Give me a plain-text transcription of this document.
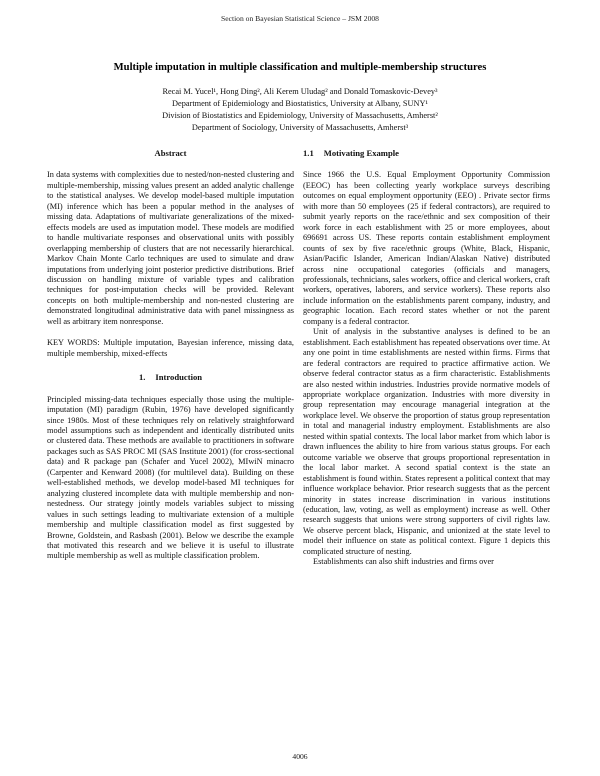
Section on Bayesian Statistical Science – JSM 2008
Multiple imputation in multiple classification and multiple-membership structures
Recai M. Yucel¹, Hong Ding², Ali Kerem Uludag² and Donald Tomaskovic-Devey³
Department of Epidemiology and Biostatistics, University at Albany, SUNY¹
Division of Biostatistics and Epidemiology, University of Massachusetts, Amherst²
Department of Sociology, University of Massachusetts, Amherst³
Abstract

In data systems with complexities due to nested/non-nested clustering and multiple-membership, missing values present an added analytic challenge to the statistical analyses. We develop model-based multiple imputation (MI) inference which has been a popular method in the analyses of missing data. Adaptations of multivariate generalizations of the mixed-effects models are used as imputation model. These models are modified to handle multivariate responses and observational units with possibly overlapping membership of clusters that are not necessarily hierarchical. Markov Chain Monte Carlo techniques are used to simulate and draw imputations from underlying joint posterior predictive distributions. Brief discussion on handling mixture of variable types and calibration techniques for post-imputation checks will be provided. Relevant concepts on both multiple-membership and non-nested clustering are demonstrated longitudinal administrative data with panel missingness as well as arbitrary item nonresponse.

KEY WORDS: Multiple imputation, Bayesian inference, missing data, multiple membership, mixed-effects

1. Introduction

Principled missing-data techniques especially those using the multiple-imputation (MI) paradigm (Rubin, 1976) have developed significantly since 1980s. Most of these techniques rely on relatively straightforward model assumptions such as independent and identically distributed units or clustered data. These methods are available to practitioners in software packages such as SAS PROC MI (SAS Institute 2001) (for cross-sectional data) and R package pan (Schafer and Yucel 2002), MIwiN minacro (Carpenter and Kenward 2008) (for multilevel data). Building on these well-established methods, we develop model-based MI techniques for analyzing clustered incomplete data with multiple membership and non-nestedness. Our strategy jointly models variables subject to missing values in such settings leading to multivariate extension of a multiple membership and multiple classification model as first suggested by Browne, Goldstein, and Rasbash (2001). Below we describe the example that motivated this research and we believe it is useful to illustrate multiple membership as well as multiple classification problem.

1.1 Motivating Example

Since 1966 the U.S. Equal Employment Opportunity Commission (EEOC) has been collecting yearly workplace surveys describing outcomes on equal employment opportunity (EEO) . Private sector firms with more than 50 employees (25 if federal contractors), are required to submit yearly reports on the race/ethnic and sex composition of their work force in each establishment with 25 or more employees, about 696691 across US. These reports contain establishment employment counts of sex by five race/ethnic groups (White, Black, Hispanic, Asian/Pacific Islander, American Indian/Alaskan Native) distributed across nine occupational categories (officials and managers, professionals, technicians, sales workers, office and clerical workers, craft workers, operatives, laborers, and service workers). These reports also include information on the establishments parent company, industry, and geographic location. Each record states whether or not the parent company is a federal contractor.

Unit of analysis in the substantive analyses is defined to be an establishment. Each establishment has repeated observations over time. At any one point in time establishments are nested within firms. Firms that are federal contractors are required to practice affirmative action. We observe federal contractor status as a firm characteristic. Establishments are also nested within industries. Industries provide normative models of appropriate workplace organization. Industries with more diversity in group representation may encourage managerial integration at the workplace level. We observe the proportion of status group representation in total and managerial industry employment. Establishments are also nested within spatial contexts. The local labor market from which labor is drawn influences the ability to hire from various status groups. For each outcome variable we observe that groups proportional representation in the local labor market. A second spatial context is the state an establishment is found within. States represent a political context that may influence workplace behavior. Prior research suggests that as the percent minority in states increase discrimination in various institutions (education, law, voting, as well as employment) increase as well. Other research suggests that unions were strong supporters of civil rights law. We observe percent black, Hispanic, and unionized at the state level to model their influence on state as political context. Figure 1 depicts this complicated structure of nesting.

Establishments can also shift industries and firms over

4006
